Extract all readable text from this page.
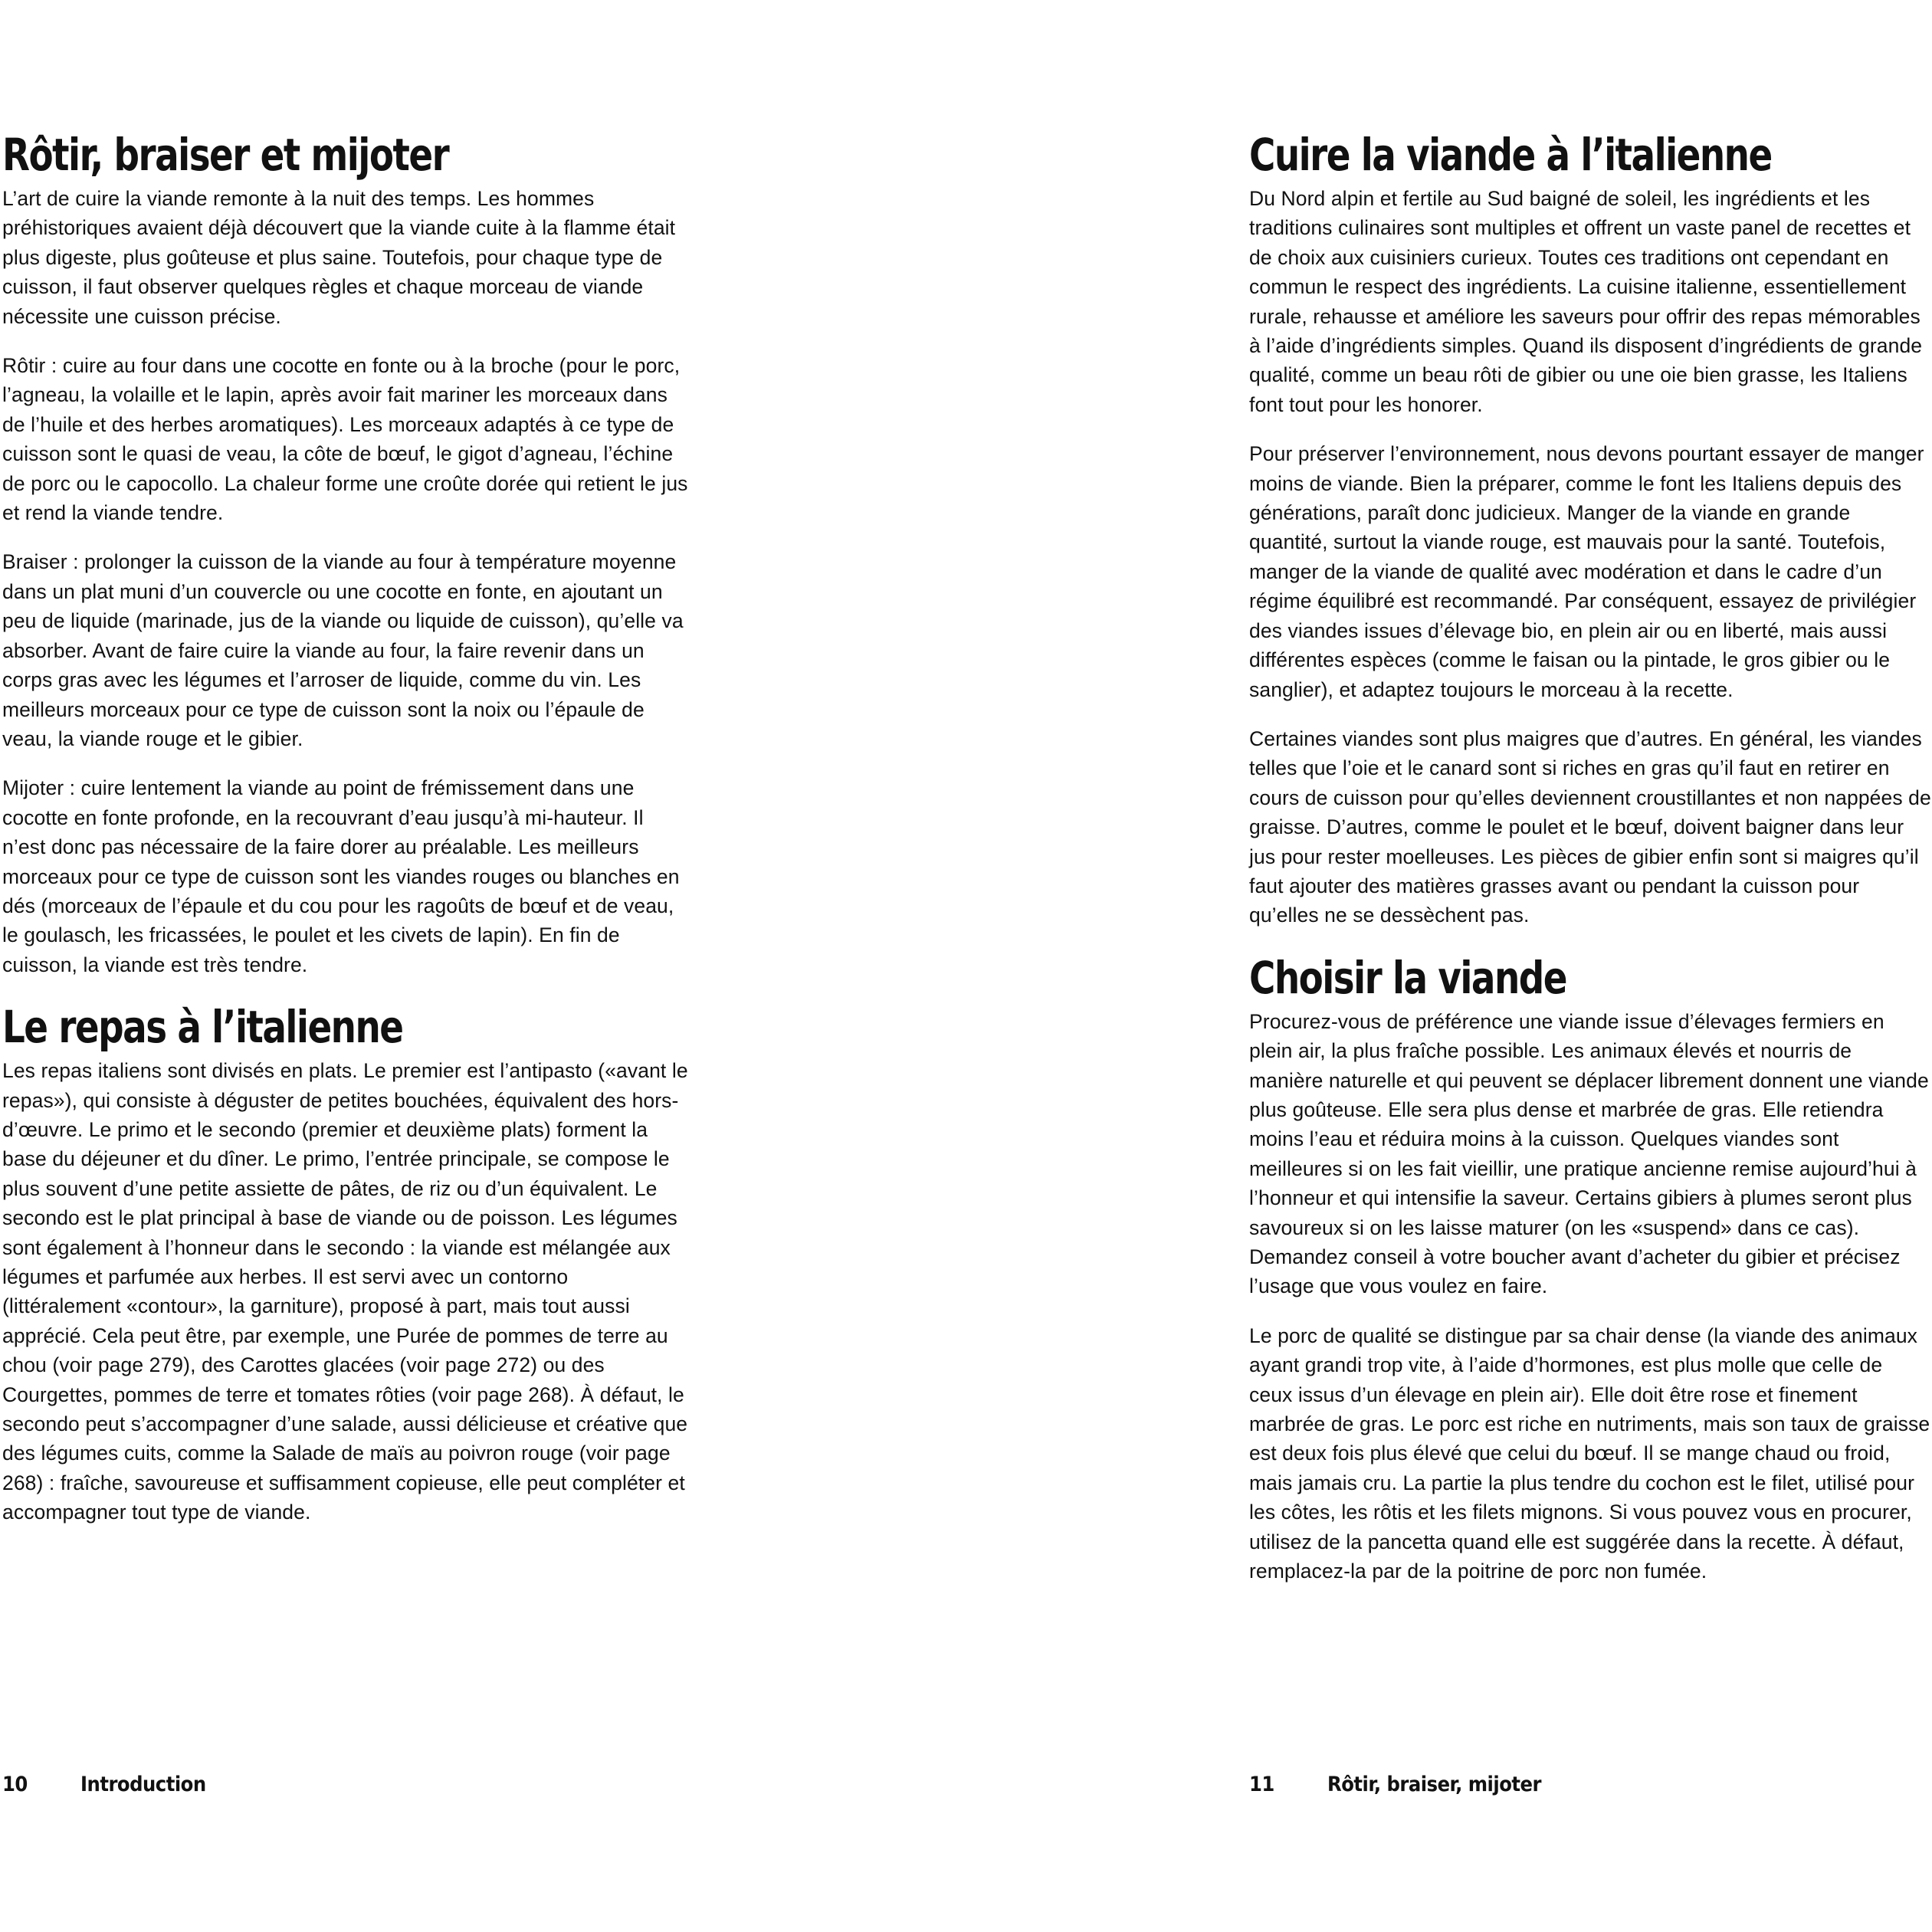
Rôtir, braiser et mijoter

L’art de cuire la viande remonte à la nuit des temps. Les hommes préhistoriques avaient déjà découvert que la viande cuite à la flamme était plus digeste, plus goûteuse et plus saine. Toutefois, pour chaque type de cuisson, il faut observer quelques règles et chaque morceau de viande nécessite une cuisson précise.

Rôtir : cuire au four dans une cocotte en fonte ou à la broche (pour le porc, l’agneau, la volaille et le lapin, après avoir fait mariner les morceaux dans de l’huile et des herbes aromatiques). Les morceaux adaptés à ce type de cuisson sont le quasi de veau, la côte de bœuf, le gigot d’agneau, l’échine de porc ou le capocollo. La chaleur forme une croûte dorée qui retient le jus et rend la viande tendre.

Braiser : prolonger la cuisson de la viande au four à température moyenne dans un plat muni d’un couvercle ou une cocotte en fonte, en ajoutant un peu de liquide (marinade, jus de la viande ou liquide de cuisson), qu’elle va absorber. Avant de faire cuire la viande au four, la faire revenir dans un corps gras avec les légumes et l’arroser de liquide, comme du vin. Les meilleurs morceaux pour ce type de cuisson sont la noix ou l’épaule de veau, la viande rouge et le gibier.

Mijoter : cuire lentement la viande au point de frémissement dans une cocotte en fonte profonde, en la recouvrant d’eau jusqu’à mi-hauteur. Il n’est donc pas nécessaire de la faire dorer au préalable. Les meilleurs morceaux pour ce type de cuisson sont les viandes rouges ou blanches en dés (morceaux de l’épaule et du cou pour les ragoûts de bœuf et de veau, le goulasch, les fricassées, le poulet et les civets de lapin). En fin de cuisson, la viande est très tendre.

Le repas à l’italienne

Les repas italiens sont divisés en plats. Le premier est l’antipasto («avant le repas»), qui consiste à déguster de petites bouchées, équivalent des hors-d’œuvre. Le primo et le secondo (premier et deuxième plats) forment la base du déjeuner et du dîner. Le primo, l’entrée principale, se compose le plus souvent d’une petite assiette de pâtes, de riz ou d’un équivalent. Le secondo est le plat principal à base de viande ou de poisson. Les légumes sont également à l’honneur dans le secondo : la viande est mélangée aux légumes et parfumée aux herbes. Il est servi avec un contorno (littéralement «contour», la garniture), proposé à part, mais tout aussi apprécié. Cela peut être, par exemple, une Purée de pommes de terre au chou (voir page 279), des Carottes glacées (voir page 272) ou des Courgettes, pommes de terre et tomates rôties (voir page 268). À défaut, le secondo peut s’accompagner d’une salade, aussi délicieuse et créative que des légumes cuits, comme la Salade de maïs au poivron rouge (voir page 268) : fraîche, savoureuse et suffisamment copieuse, elle peut compléter et accompagner tout type de viande.

Cuire la viande à l’italienne

Du Nord alpin et fertile au Sud baigné de soleil, les ingrédients et les traditions culinaires sont multiples et offrent un vaste panel de recettes et de choix aux cuisiniers curieux. Toutes ces traditions ont cependant en commun le respect des ingrédients. La cuisine italienne, essentiellement rurale, rehausse et améliore les saveurs pour offrir des repas mémorables à l’aide d’ingrédients simples. Quand ils disposent d’ingrédients de grande qualité, comme un beau rôti de gibier ou une oie bien grasse, les Italiens font tout pour les honorer.

Pour préserver l’environnement, nous devons pourtant essayer de manger moins de viande. Bien la préparer, comme le font les Italiens depuis des générations, paraît donc judicieux. Manger de la viande en grande quantité, surtout la viande rouge, est mauvais pour la santé. Toutefois, manger de la viande de qualité avec modération et dans le cadre d’un régime équilibré est recommandé. Par conséquent, essayez de privilégier des viandes issues d’élevage bio, en plein air ou en liberté, mais aussi différentes espèces (comme le faisan ou la pintade, le gros gibier ou le sanglier), et adaptez toujours le morceau à la recette.

Certaines viandes sont plus maigres que d’autres. En général, les viandes telles que l’oie et le canard sont si riches en gras qu’il faut en retirer en cours de cuisson pour qu’elles deviennent croustillantes et non nappées de graisse. D’autres, comme le poulet et le bœuf, doivent baigner dans leur jus pour rester moelleuses. Les pièces de gibier enfin sont si maigres qu’il faut ajouter des matières grasses avant ou pendant la cuisson pour qu’elles ne se dessèchent pas.

Choisir la viande

Procurez-vous de préférence une viande issue d’élevages fermiers en plein air, la plus fraîche possible. Les animaux élevés et nourris de manière naturelle et qui peuvent se déplacer librement donnent une viande plus goûteuse. Elle sera plus dense et marbrée de gras. Elle retiendra moins l’eau et réduira moins à la cuisson. Quelques viandes sont meilleures si on les fait vieillir, une pratique ancienne remise aujourd’hui à l’honneur et qui intensifie la saveur. Certains gibiers à plumes seront plus savoureux si on les laisse maturer (on les «suspend» dans ce cas). Demandez conseil à votre boucher avant d’acheter du gibier et précisez l’usage que vous voulez en faire.

Le porc de qualité se distingue par sa chair dense (la viande des animaux ayant grandi trop vite, à l’aide d’hormones, est plus molle que celle de ceux issus d’un élevage en plein air). Elle doit être rose et finement marbrée de gras. Le porc est riche en nutriments, mais son taux de graisse est deux fois plus élevé que celui du bœuf. Il se mange chaud ou froid, mais jamais cru. La partie la plus tendre du cochon est le filet, utilisé pour les côtes, les rôtis et les filets mignons. Si vous pouvez vous en procurer, utilisez de la pancetta quand elle est suggérée dans la recette. À défaut, remplacez-la par de la poitrine de porc non fumée.

10	Introduction	11	Rôtir, braiser, mijoter
